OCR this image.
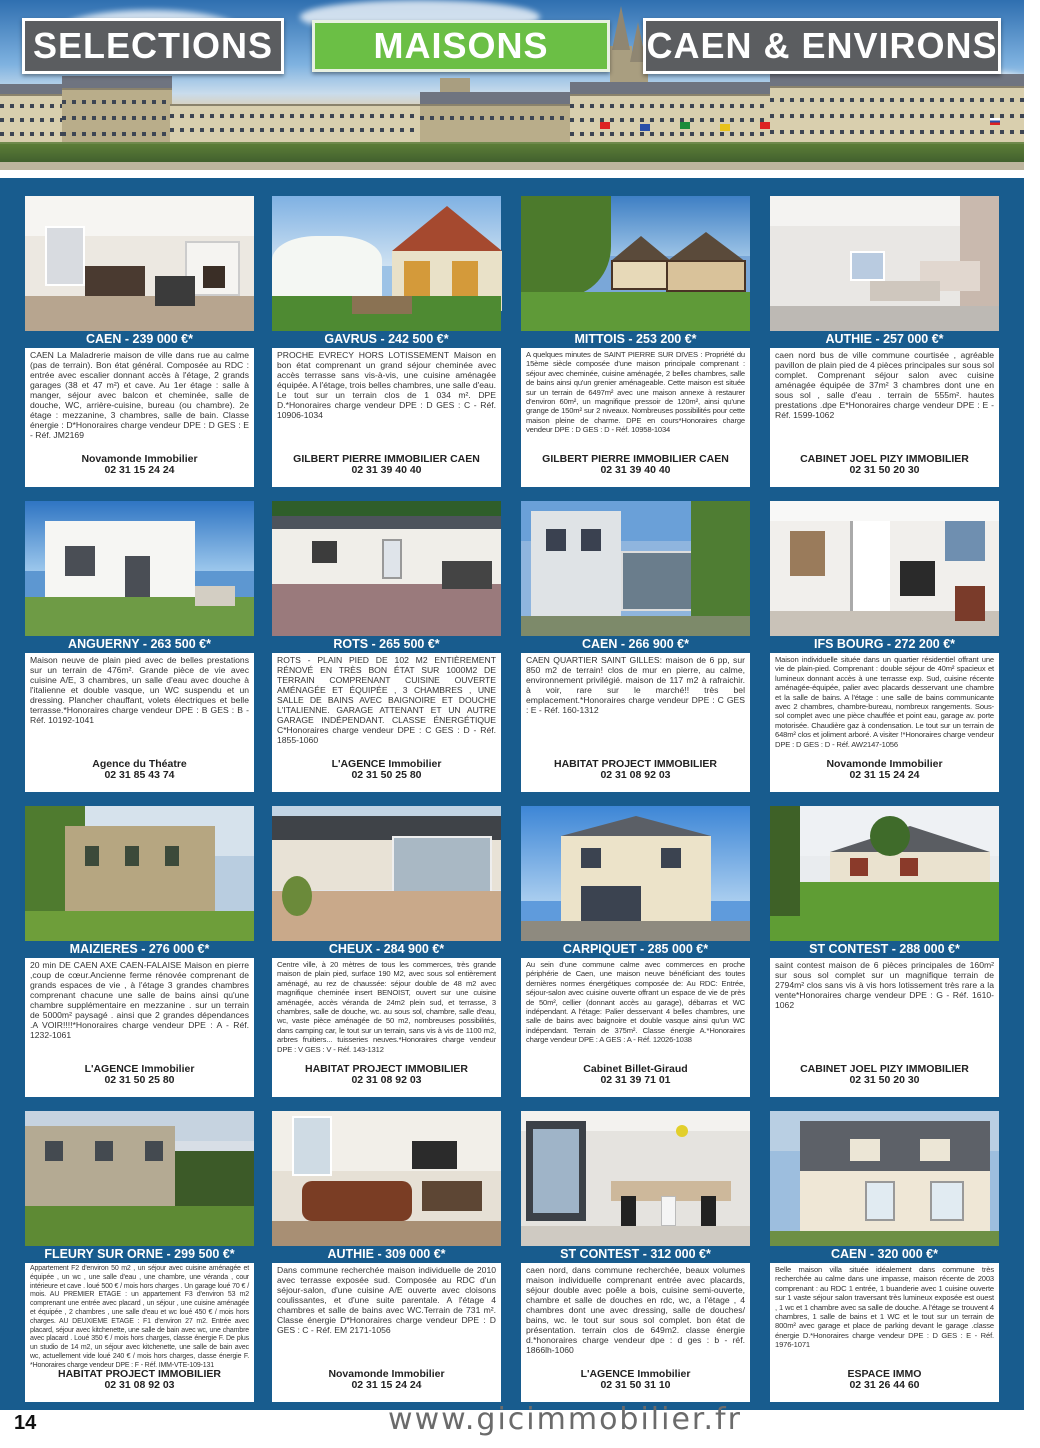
SELECTIONS	MAISONS	CAEN & ENVIRONS
CAEN - 239 000 €*
CAEN La Maladrerie maison de ville dans rue au calme (pas de terrain). Bon état général. Composée au RDC : entrée avec escalier donnant accès à l'étage, 2 grands garages (38 et 47 m²) et cave. Au 1er étage : salle à manger, séjour avec balcon et cheminée, salle de douche, WC, arrière-cuisine, bureau (ou chambre). 2e étage : mezzanine, 3 chambres, salle de bain. Classe énergie : D*Honoraires charge vendeur DPE : D GES : E - Réf. JM2169
Novamonde Immobilier
02 31 15 24 24
GAVRUS - 242 500 €*
PROCHE EVRECY HORS LOTISSEMENT Maison en bon état comprenant un grand séjour cheminée avec accès terrasse sans vis-à-vis, une cuisine aménagée équipée. A l'étage, trois belles chambres, une salle d'eau. Le tout sur un terrain clos de 1 034 m². DPE D.*Honoraires charge vendeur DPE : D GES : C - Réf. 10906-1034
GILBERT PIERRE IMMOBILIER CAEN
02 31 39 40 40
MITTOIS - 253 200 €*
A quelques minutes de SAINT PIERRE SUR DIVES : Propriété du 15ème siècle composée d'une maison principale comprenant : séjour avec cheminée, cuisine aménagée, 2 belles chambres, salle de bains ainsi qu'un grenier aménageable. Cette maison est située sur un terrain de 6497m² avec une maison annexe à restaurer d'environ 60m², un magnifique pressoir de 120m², ainsi qu'une grange de 150m² sur 2 niveaux. Nombreuses possibilités pour cette maison pleine de charme. DPE en cours*Honoraires charge vendeur DPE : D GES : D - Réf. 10958-1034
GILBERT PIERRE IMMOBILIER CAEN
02 31 39 40 40
AUTHIE - 257 000 €*
caen nord bus de ville commune courtisée , agréable pavillon de plain pied de 4 pièces principales sur sous sol complet. Comprenant séjour salon avec cuisine aménagée équipée de 37m² 3 chambres dont une en sous sol , salle d'eau . terrain de 555m². hautes prestations .dpe E*Honoraires charge vendeur DPE : E - Réf. 1599-1062
CABINET JOEL PIZY IMMOBILIER
02 31 50 20 30
ANGUERNY - 263 500 €*
Maison neuve de plain pied avec de belles prestations sur un terrain de 476m². Grande pièce de vie avec cuisine A/E, 3 chambres, un salle d'eau avec douche à l'italienne et double vasque, un WC suspendu et un dressing. Plancher chauffant, volets électriques et belle terrasse.*Honoraires charge vendeur DPE : B GES : B - Réf. 10192-1041
Agence du Théatre
02 31 85 43 74
ROTS - 265 500 €*
ROTS - PLAIN PIED DE 102 M2 ENTIÈREMENT RÉNOVÉ EN TRÈS BON ÉTAT SUR 1000M2 DE TERRAIN COMPRENANT CUISINE OUVERTE AMÉNAGÉE ET ÉQUIPÉE , 3 CHAMBRES , UNE SALLE DE BAINS AVEC BAIGNOIRE ET DOUCHE L'ITALIENNE. GARAGE ATTENANT ET UN AUTRE GARAGE INDÉPENDANT. CLASSE ÉNERGÉTIQUE C*Honoraires charge vendeur DPE : C GES : D - Réf. 1855-1060
L'AGENCE Immobilier
02 31 50 25 80
CAEN - 266 900 €*
CAEN QUARTIER SAINT GILLES: maison de 6 pp, sur 850 m2 de terrain! clos de mur en pierre, au calme, environnement privilégié. maison de 117 m2 à rafraichir. à voir, rare sur le marché!! très bel emplacement.*Honoraires charge vendeur DPE : C GES : E - Réf. 160-1312
HABITAT PROJECT IMMOBILIER
02 31 08 92 03
IFS BOURG - 272 200 €*
Maison individuelle située dans un quartier résidentiel offrant une vie de plain-pied. Comprenant : double séjour de 40m² spacieux et lumineux donnant accès à une terrasse exp. Sud, cuisine récente aménagée-équipée, palier avec placards desservant une chambre et la salle de bains. A l'étage : une salle de bains communicante avec 2 chambres, chambre-bureau, nombreux rangements. Sous-sol complet avec une pièce chauffée et point eau, garage av. porte motorisée. Chaudière gaz à condensation. Le tout sur un terrain de 648m² clos et joliment arboré. A visiter !*Honoraires charge vendeur DPE : D GES : D - Réf. AW2147-1056
Novamonde Immobilier
02 31 15 24 24
MAIZIERES - 276 000 €*
20 min DE CAEN AXE CAEN-FALAISE Maison en pierre ,coup de cœur.Ancienne ferme rénovée comprenant de grands espaces de vie , à l'étage 3 grandes chambres comprenant chacune une salle de bains ainsi qu'une chambre supplémentaire en mezzanine . sur un terrain de 5000m² paysagé . ainsi que 2 grandes dépendances .A VOIR!!!!*Honoraires charge vendeur DPE : A - Réf. 1232-1061
L'AGENCE Immobilier
02 31 50 25 80
CHEUX - 284 900 €*
Centre ville, à 20 mètres de tous les commerces, très grande maison de plain pied, surface 190 M2, avec sous sol entièrement aménagé, au rez de chaussée: séjour double de 48 m2 avec magnifique cheminée insert BENOIST, ouvert sur une cuisine aménagée, accès véranda de 24m2 plein sud, et terrasse, 3 chambres, salle de douche, wc. au sous sol, chambre, salle d'eau, wc, vaste pièce aménagée de 50 m2, nombreuses possibilités, dans camping car, le tout sur un terrain, sans vis à vis de 1100 m2, arbres fruitiers... tuisseries neuves.*Honoraires charge vendeur DPE : V GES : V - Réf. 143-1312
HABITAT PROJECT IMMOBILIER
02 31 08 92 03
CARPIQUET - 285 000 €*
Au sein d'une commune calme avec commerces en proche périphérie de Caen, une maison neuve bénéficiant des toutes dernières normes énergétiques composée de: Au RDC: Entrée, séjour-salon avec cuisine ouverte offrant un espace de vie de près de 50m², cellier (donnant accès au garage), débarras et WC indépendant. A l'étage: Palier desservant 4 belles chambres, une salle de bains avec baignoire et double vasque ainsi qu'un WC indépendant. Terrain de 375m². Classe énergie A.*Honoraires charge vendeur DPE : A GES : A - Réf. 12026-1038
Cabinet Billet-Giraud
02 31 39 71 01
ST CONTEST - 288 000 €*
saint contest maison de 6 pièces principales de 160m² sur sous sol complet sur un magnifique terrain de 2794m² clos sans vis à vis hors lotissement très rare a la vente*Honoraires charge vendeur DPE : G - Réf. 1610-1062
CABINET JOEL PIZY IMMOBILIER
02 31 50 20 30
FLEURY SUR ORNE - 299 500 €*
Appartement F2 d'environ 50 m2 , un séjour avec cuisine aménagée et équipée , un wc , une salle d'eau , une chambre, une véranda , cour intérieure et cave . loué 500 € / mois hors charges . Un garage loué 70 € / mois. AU PREMIER ETAGE : un appartement F3 d'environ 53 m2 comprenant une entrée avec placard , un séjour , une cuisine aménagée et équipée , 2 chambres , une salle d'eau et wc loué 450 € / mois hors charges. AU DEUXIEME ETAGE : F1 d'environ 27 m2. Entrée avec placard, séjour avec kitchenette, une salle de bain avec wc, une chambre avec placard . Loué 350 € / mois hors charges, classe énergie F. De plus un studio de 14 m2, un séjour avec kitchenette, une salle de bain avec wc, actuellement vide loué 240 € / mois hors charges, classe énergie F. *Honoraires charge vendeur DPE : F - Réf. IMM-VTE-109-131
HABITAT PROJECT IMMOBILIER
02 31 08 92 03
AUTHIE - 309 000 €*
Dans commune recherchée maison individuelle de 2010 avec terrasse exposée sud. Composée au RDC d'un séjour-salon, d'une cuisine A/E ouverte avec cloisons coulissantes, et d'une suite parentale. A l'étage 4 chambres et salle de bains avec WC.Terrain de 731 m². Classe énergie D*Honoraires charge vendeur DPE : D GES : C - Réf. EM 2171-1056
Novamonde Immobilier
02 31 15 24 24
ST CONTEST - 312 000 €*
caen nord, dans commune recherchée, beaux volumes maison individuelle comprenant entrée avec placards, séjour double avec poêle a bois, cuisine semi-ouverte, chambre et salle de douches en rdc, wc, a l'étage , 4 chambres dont une avec dressing, salle de douches/ bains, wc. le tout sur sous sol complet. bon état de présentation. terrain clos de 649m2. classe énergie d.*honoraires charge vendeur dpe : d ges : b - réf. 1866lh-1060
L'AGENCE Immobilier
02 31 50 31 10
CAEN - 320 000 €*
Belle maison villa située idéalement dans commune très recherchée au calme dans une impasse, maison récente de 2003 comprenant : au RDC 1 entrée, 1 buanderie avec 1 cuisine ouverte sur 1 vaste séjour salon traversant très lumineux exposée est ouest , 1 wc et 1 chambre avec sa salle de douche. A l'étage se trouvent 4 chambres, 1 salle de bains et 1 WC et le tout sur un terrain de 800m² avec garage et place de parking devant le garage .classe énergie D.*Honoraires charge vendeur DPE : D GES : E - Réf. 1976-1071
ESPACE IMMO
02 31 26 44 60
14	www.gicimmobilier.fr
